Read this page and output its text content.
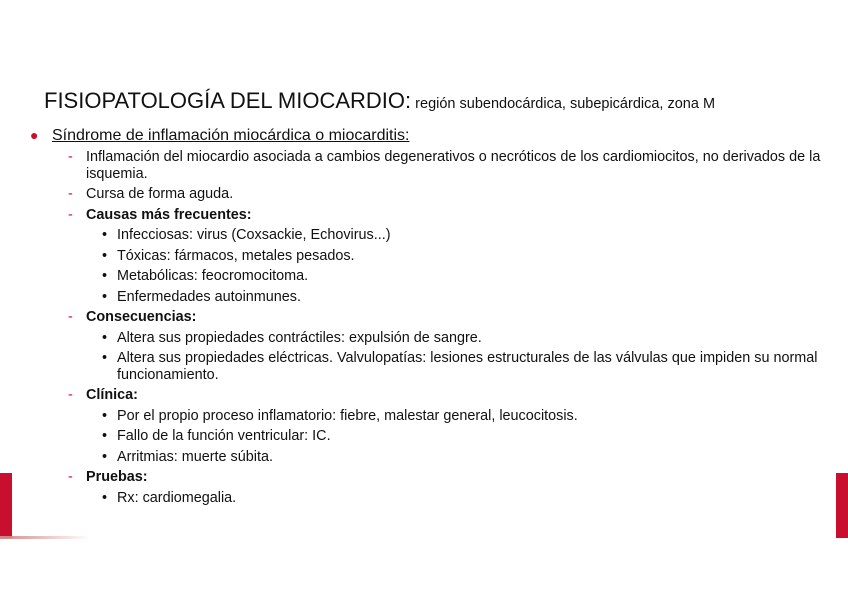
FISIOPATOLOGÍA DEL MIOCARDIO: región subendocárdica, subepicárdica, zona M
● Síndrome de inflamación miocárdica o miocarditis:
- Inflamación del miocardio asociada a cambios degenerativos o necróticos de los cardiomiocitos, no derivados de la isquemia.
- Cursa de forma aguda.
- Causas más frecuentes:
• Infecciosas: virus (Coxsackie, Echovirus...)
• Tóxicas: fármacos, metales pesados.
• Metabólicas: feocromocitoma.
• Enfermedades autoinmunes.
- Consecuencias:
• Altera sus propiedades contráctiles: expulsión de sangre.
• Altera sus propiedades eléctricas. Valvulopatías: lesiones estructurales de las válvulas que impiden su normal funcionamiento.
- Clínica:
• Por el propio proceso inflamatorio: fiebre, malestar general, leucocitosis.
• Fallo de la función ventricular: IC.
• Arritmias: muerte súbita.
- Pruebas:
• Rx: cardiomegalia.
